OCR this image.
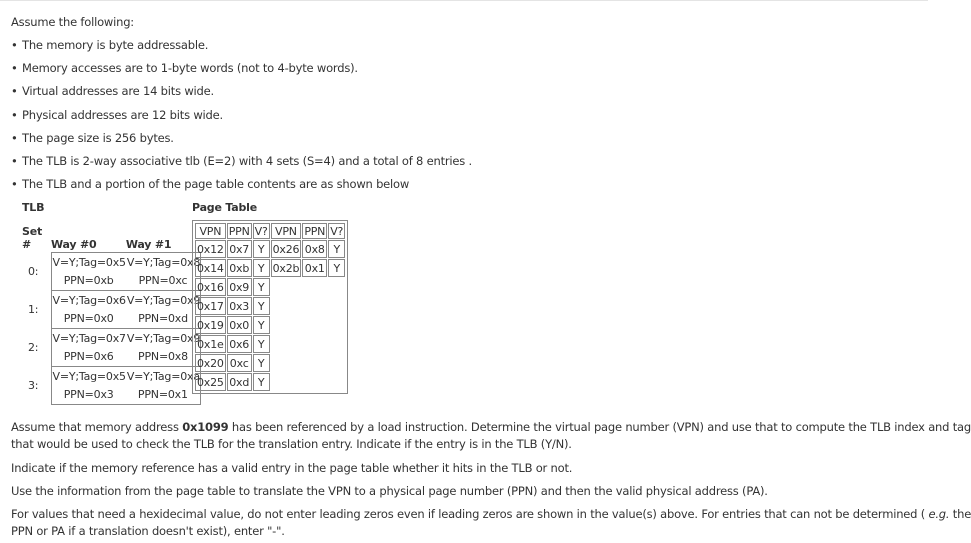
Assume the following:
• The memory is byte addressable.
• Memory accesses are to 1-byte words (not to 4-byte words).
• Virtual addresses are 14 bits wide.
• Physical addresses are 12 bits wide.
• The page size is 256 bytes.
• The TLB is 2-way associative tlb (E=2) with 4 sets (S=4) and a total of 8 entries .
• The TLB and a portion of the page table contents are as shown below
TLB	Page Table
Set #	Way #0	Way #1
0:	
V=Y;Tag=0x5	V=Y;Tag=0x8
PPN=0xb	PPN=0xc

1:	
V=Y;Tag=0x6	V=Y;Tag=0x9
PPN=0x0	PPN=0xd

2:	
V=Y;Tag=0x7	V=Y;Tag=0x9
PPN=0x6	PPN=0x8

3:	
V=Y;Tag=0x5	V=Y;Tag=0xa
PPN=0x3	PPN=0x1
VPN	PPN	V?	VPN	PPN	V?
0x12	0x7	Y	0x26	0x8	Y
0x14	0xb	Y	0x2b	0x1	Y
0x16	0x9	Y			
0x17	0x3	Y			
0x19	0x0	Y			
0x1e	0x6	Y			
0x20	0xc	Y			
0x25	0xd	Y			
Assume that memory address 0x1099 has been referenced by a load instruction. Determine the virtual page number (VPN) and use that to compute the TLB index and tag
that would be used to check the TLB for the translation entry. Indicate if the entry is in the TLB (Y/N).
Indicate if the memory reference has a valid entry in the page table whether it hits in the TLB or not.
Use the information from the page table to translate the VPN to a physical page number (PPN) and then the valid physical address (PA).
For values that need a hexidecimal value, do not enter leading zeros even if leading zeros are shown in the value(s) above. For entries that can not be determined ( e.g. the
PPN or PA if a translation doesn't exist), enter "-".
